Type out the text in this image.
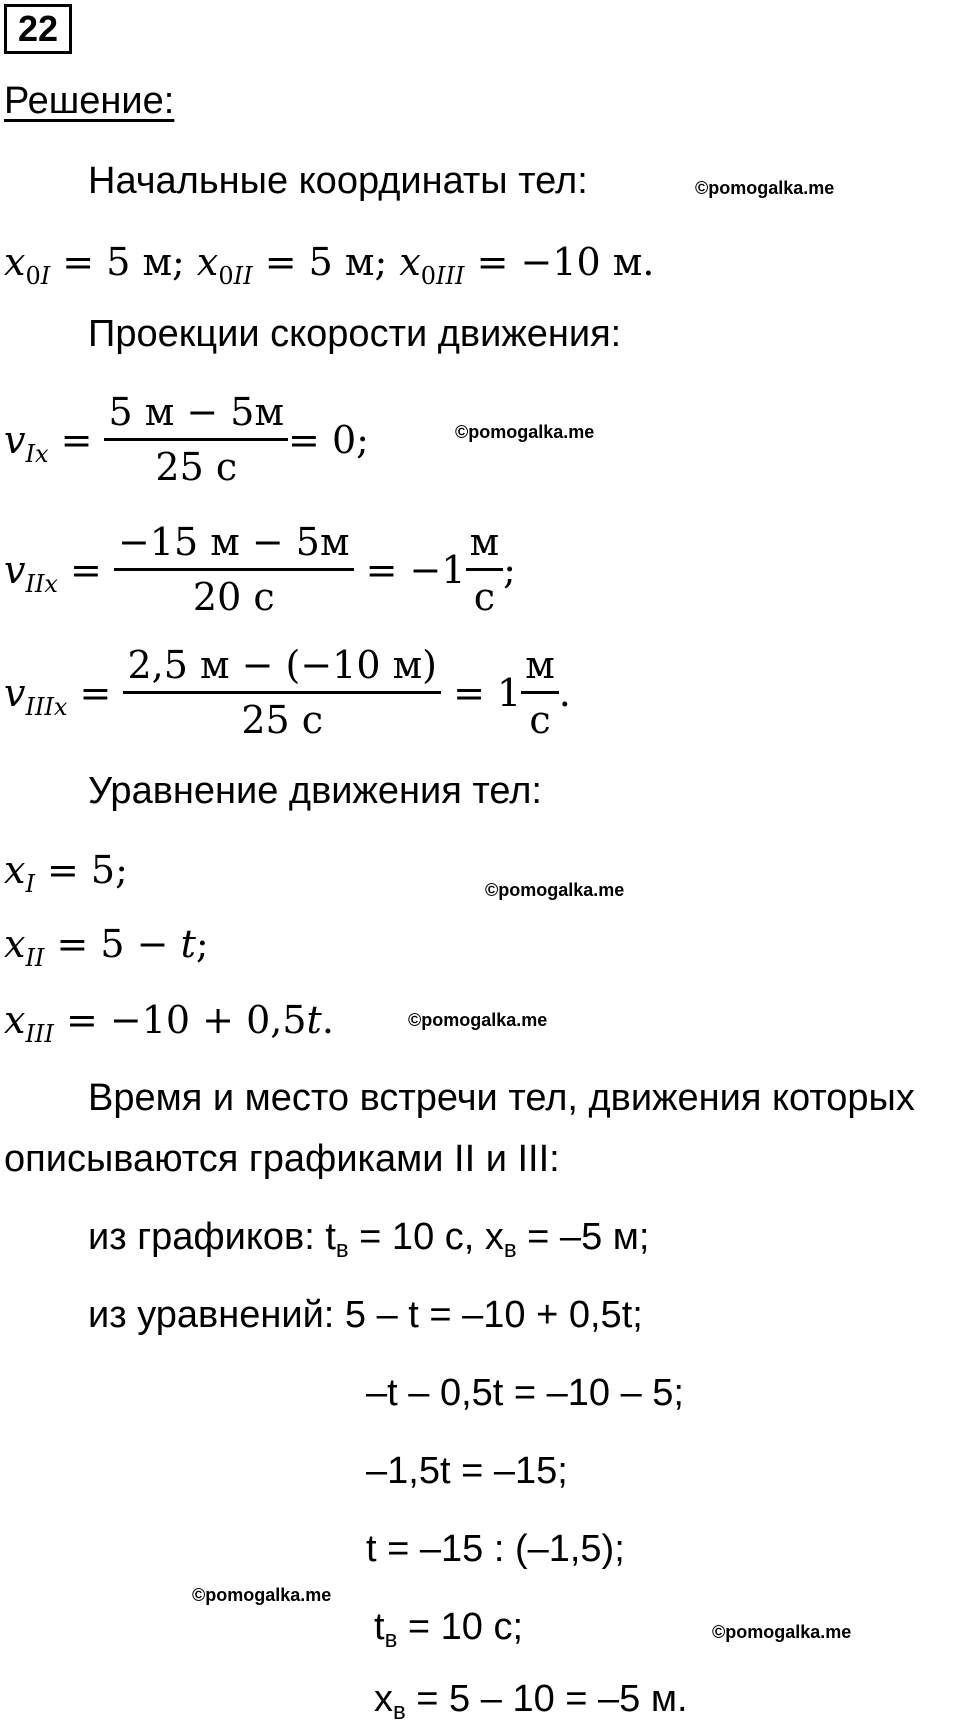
22
Решение:
Начальные координаты тел:	©pomogalka.me
$x_{0I} = 5$ м; $x_{0II} = 5$ м; $x_{0III} = -10$ м.
Проекции скорости движения:
$v_{Ix} = \frac{5 м - 5м}{25 с} = 0$;	©pomogalka.me
$v_{IIx} = \frac{-15 м - 5м}{20 с}$
= $-1 \frac{м}{с}$ ;
$v_{IIIx} = \frac{2,5 м - (-10 м)}{25 с}$
= $1 \frac{м}{с}$ .
Уравнение движения тел:
$x_I = 5$;	©pomogalka.me
$x_{II} = 5 - t$;
$x_{III} = -10 + 0,5t$.	©pomogalka.me
Время и место встречи тел, движения которых
описываются графиками II и III:
из графиков: $t_в = 10$ с, $x_в = -5$ м;
из уравнений: 5 – t = –10 + 0,5t;
–t – 0,5t = –10 – 5;
–1,5t = –15;
t = –15 : (–1,5);
©pomogalka.me
$t_в = 10$ с;	©pomogalka.me
$x_в = 5 - 10 = -5$ м.
